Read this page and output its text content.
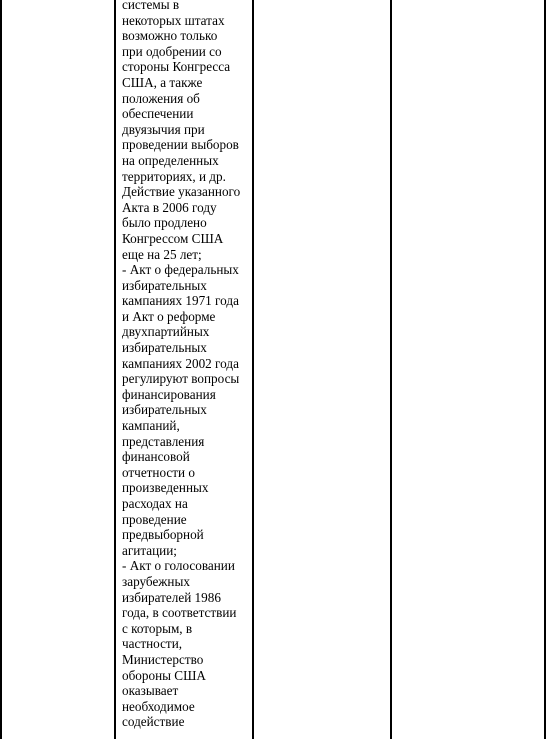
системы в
некоторых штатах
возможно только
при одобрении со
стороны Конгресса
США, а также
положения об
обеспечении
двуязычия при
проведении выборов
на определенных
территориях, и др.
Действие указанного
Акта в 2006 году
было продлено
Конгрессом США
еще на 25 лет;
- Акт о федеральных
избирательных
кампаниях 1971 года
и Акт о реформе
двухпартийных
избирательных
кампаниях 2002 года
регулируют вопросы
финансирования
избирательных
кампаний,
представления
финансовой
отчетности о
произведенных
расходах на
проведение
предвыборной
агитации;
- Акт о голосовании
зарубежных
избирателей 1986
года, в соответствии
с которым, в
частности,
Министерство
обороны США
оказывает
необходимое
содействие
